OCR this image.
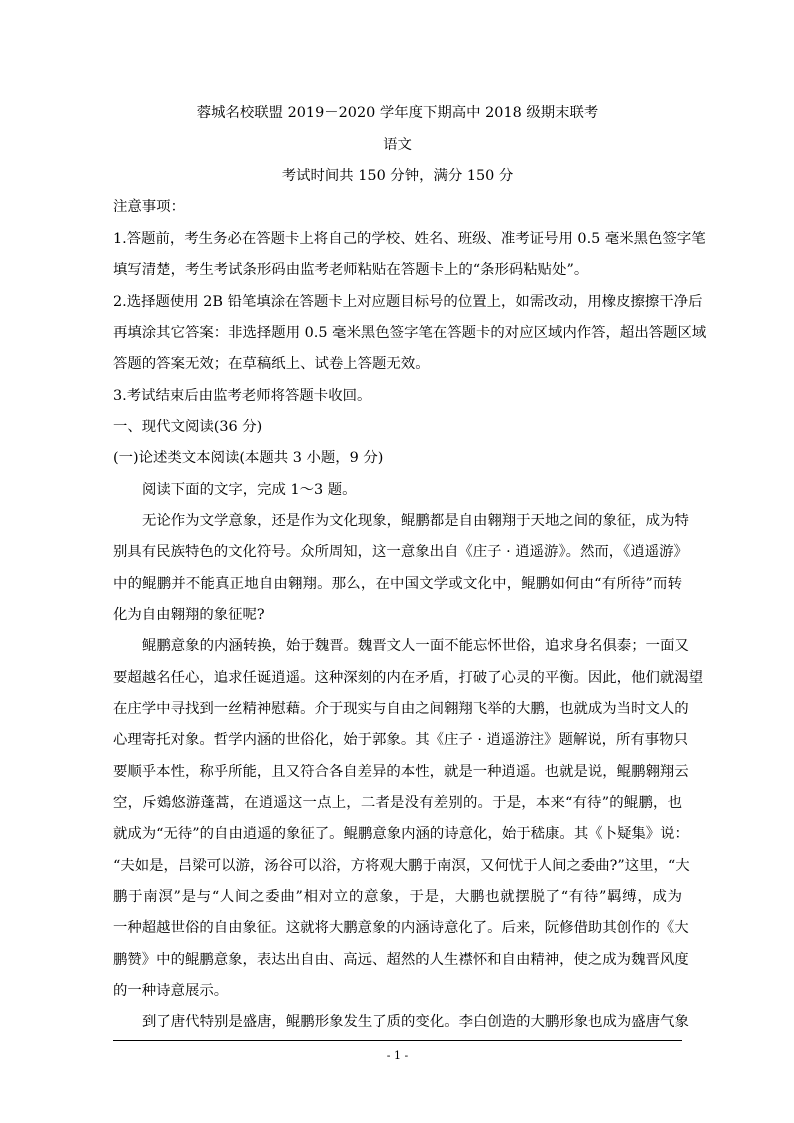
蓉城名校联盟 2019－2020 学年度下期高中 2018 级期末联考
语文
考试时间共 150 分钟，满分 150 分
注意事项：
1.答题前，考生务必在答题卡上将自己的学校、姓名、班级、准考证号用 0.5 毫米黑色签字笔
填写清楚，考生考试条形码由监考老师粘贴在答题卡上的“条形码粘贴处”。
2.选择题使用 2B 铅笔填涂在答题卡上对应题目标号的位置上，如需改动，用橡皮擦擦干净后
再填涂其它答案：非选择题用 0.5 毫米黑色签字笔在答题卡的对应区域内作答，超出答题区域
答题的答案无效；在草稿纸上、试卷上答题无效。
3.考试结束后由监考老师将答题卡收回。
一、现代文阅读(36 分)
(一)论述类文本阅读(本题共 3 小题，9 分)
阅读下面的文字，完成 1～3 题。
无论作为文学意象，还是作为文化现象，鲲鹏都是自由翱翔于天地之间的象征，成为特
别具有民族特色的文化符号。众所周知，这一意象出自《庄子 · 逍遥游》。然而，《逍遥游》
中的鲲鹏并不能真正地自由翱翔。那么，在中国文学或文化中，鲲鹏如何由“有所待”而转
化为自由翱翔的象征呢?
鲲鹏意象的内涵转换，始于魏晋。魏晋文人一面不能忘怀世俗，追求身名俱泰；一面又
要超越名任心，追求任诞逍遥。这种深刻的内在矛盾，打破了心灵的平衡。因此，他们就渴望
在庄学中寻找到一丝精神慰藉。介于现实与自由之间翱翔飞举的大鹏，也就成为当时文人的
心理寄托对象。哲学内涵的世俗化，始于郭象。其《庄子 · 逍遥游注》题解说，所有事物只
要顺乎本性，称乎所能，且又符合各自差异的本性，就是一种逍遥。也就是说，鲲鹏翱翔云
空，斥鴳悠游蓬蒿，在逍遥这一点上，二者是没有差别的。于是，本来“有待”的鲲鹏，也
就成为“无待”的自由逍遥的象征了。鲲鹏意象内涵的诗意化，始于嵇康。其《卜疑集》说：
“夫如是，吕梁可以游，汤谷可以浴，方将观大鹏于南溟，又何忧于人间之委曲?”这里，“大
鹏于南溟”是与“人间之委曲”相对立的意象，于是，大鹏也就摆脱了“有待”羁缚，成为
一种超越世俗的自由象征。这就将大鹏意象的内涵诗意化了。后来，阮修借助其创作的《大
鹏赞》中的鲲鹏意象，表达出自由、高远、超然的人生襟怀和自由精神，使之成为魏晋风度
的一种诗意展示。
到了唐代特别是盛唐，鲲鹏形象发生了质的变化。李白创造的大鹏形象也成为盛唐气象
- 1 -
